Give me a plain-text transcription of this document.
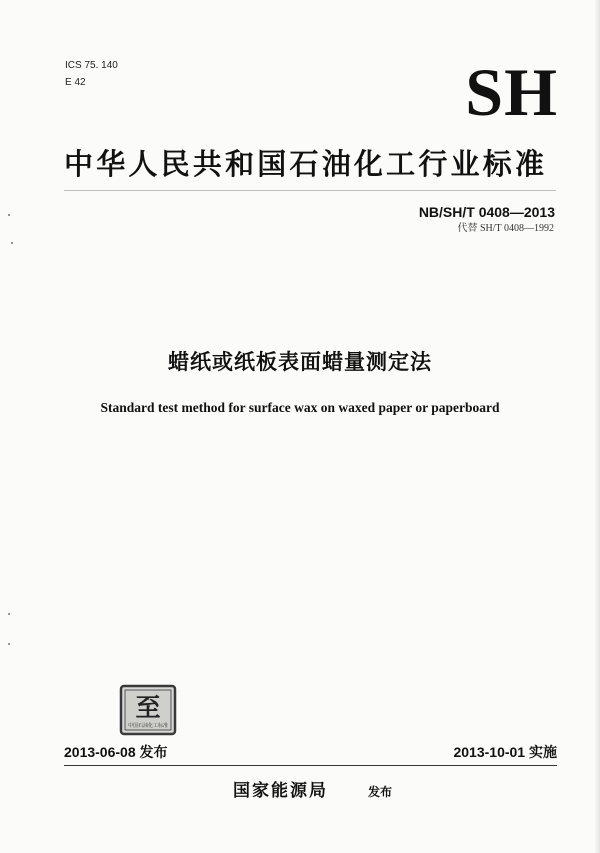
ICS 75. 140
E 42	SH
中华人民共和国石油化工行业标准
NB/SH/T 0408—2013
代替 SH/T 0408—1992
蜡纸或纸板表面蜡量测定法
Standard test method for surface wax on waxed paper or paperboard
至
中国石油化工标准
2013-06-08 发布	2013-10-01 实施
国家能源局	发布
